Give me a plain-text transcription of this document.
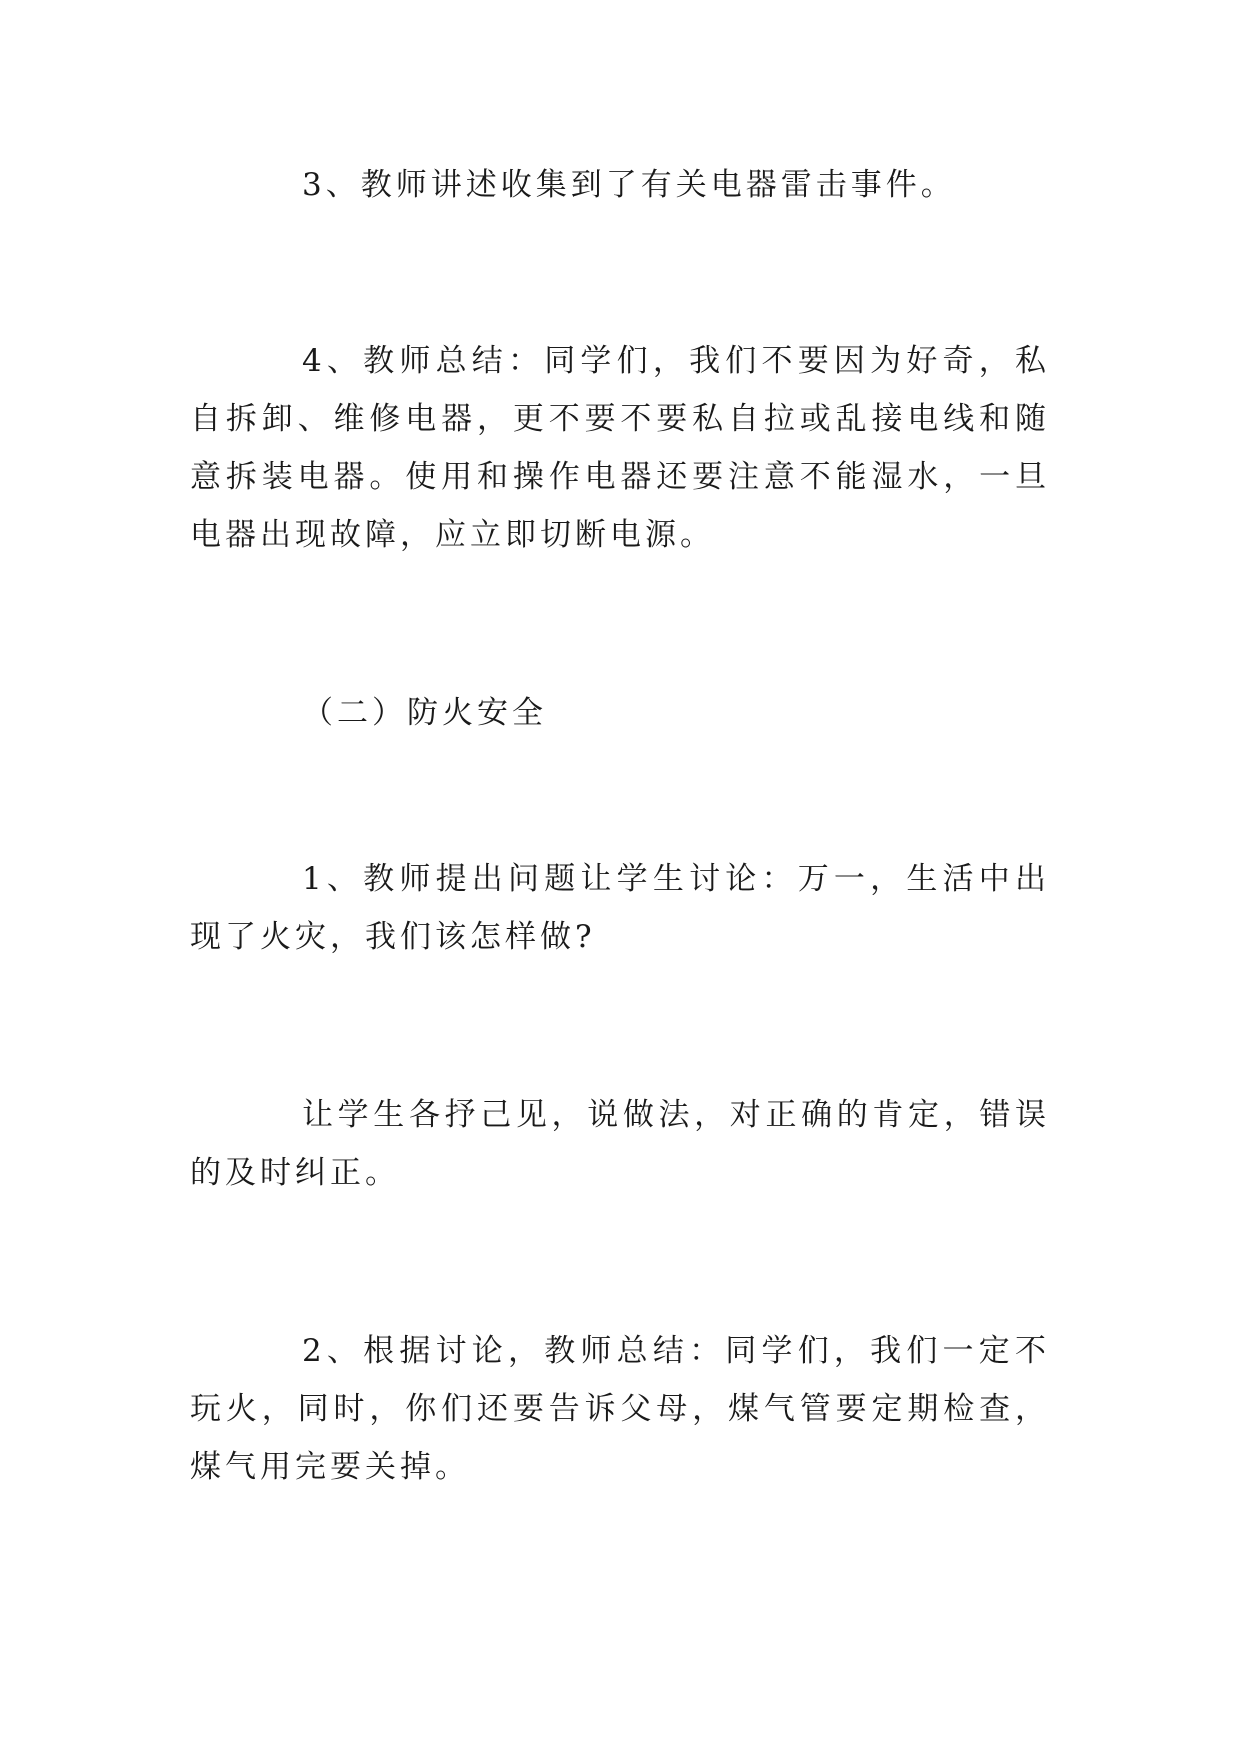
3、教师讲述收集到了有关电器雷击事件。

4、教师总结：同学们，我们不要因为好奇，私自拆卸、维修电器，更不要不要私自拉或乱接电线和随意拆装电器。使用和操作电器还要注意不能湿水，一旦电器出现故障，应立即切断电源。

（二）防火安全

1、教师提出问题让学生讨论：万一，生活中出现了火灾，我们该怎样做?

让学生各抒己见，说做法，对正确的肯定，错误的及时纠正。

2、根据讨论，教师总结：同学们，我们一定不玩火，同时，你们还要告诉父母，煤气管要定期检查，煤气用完要关掉。
